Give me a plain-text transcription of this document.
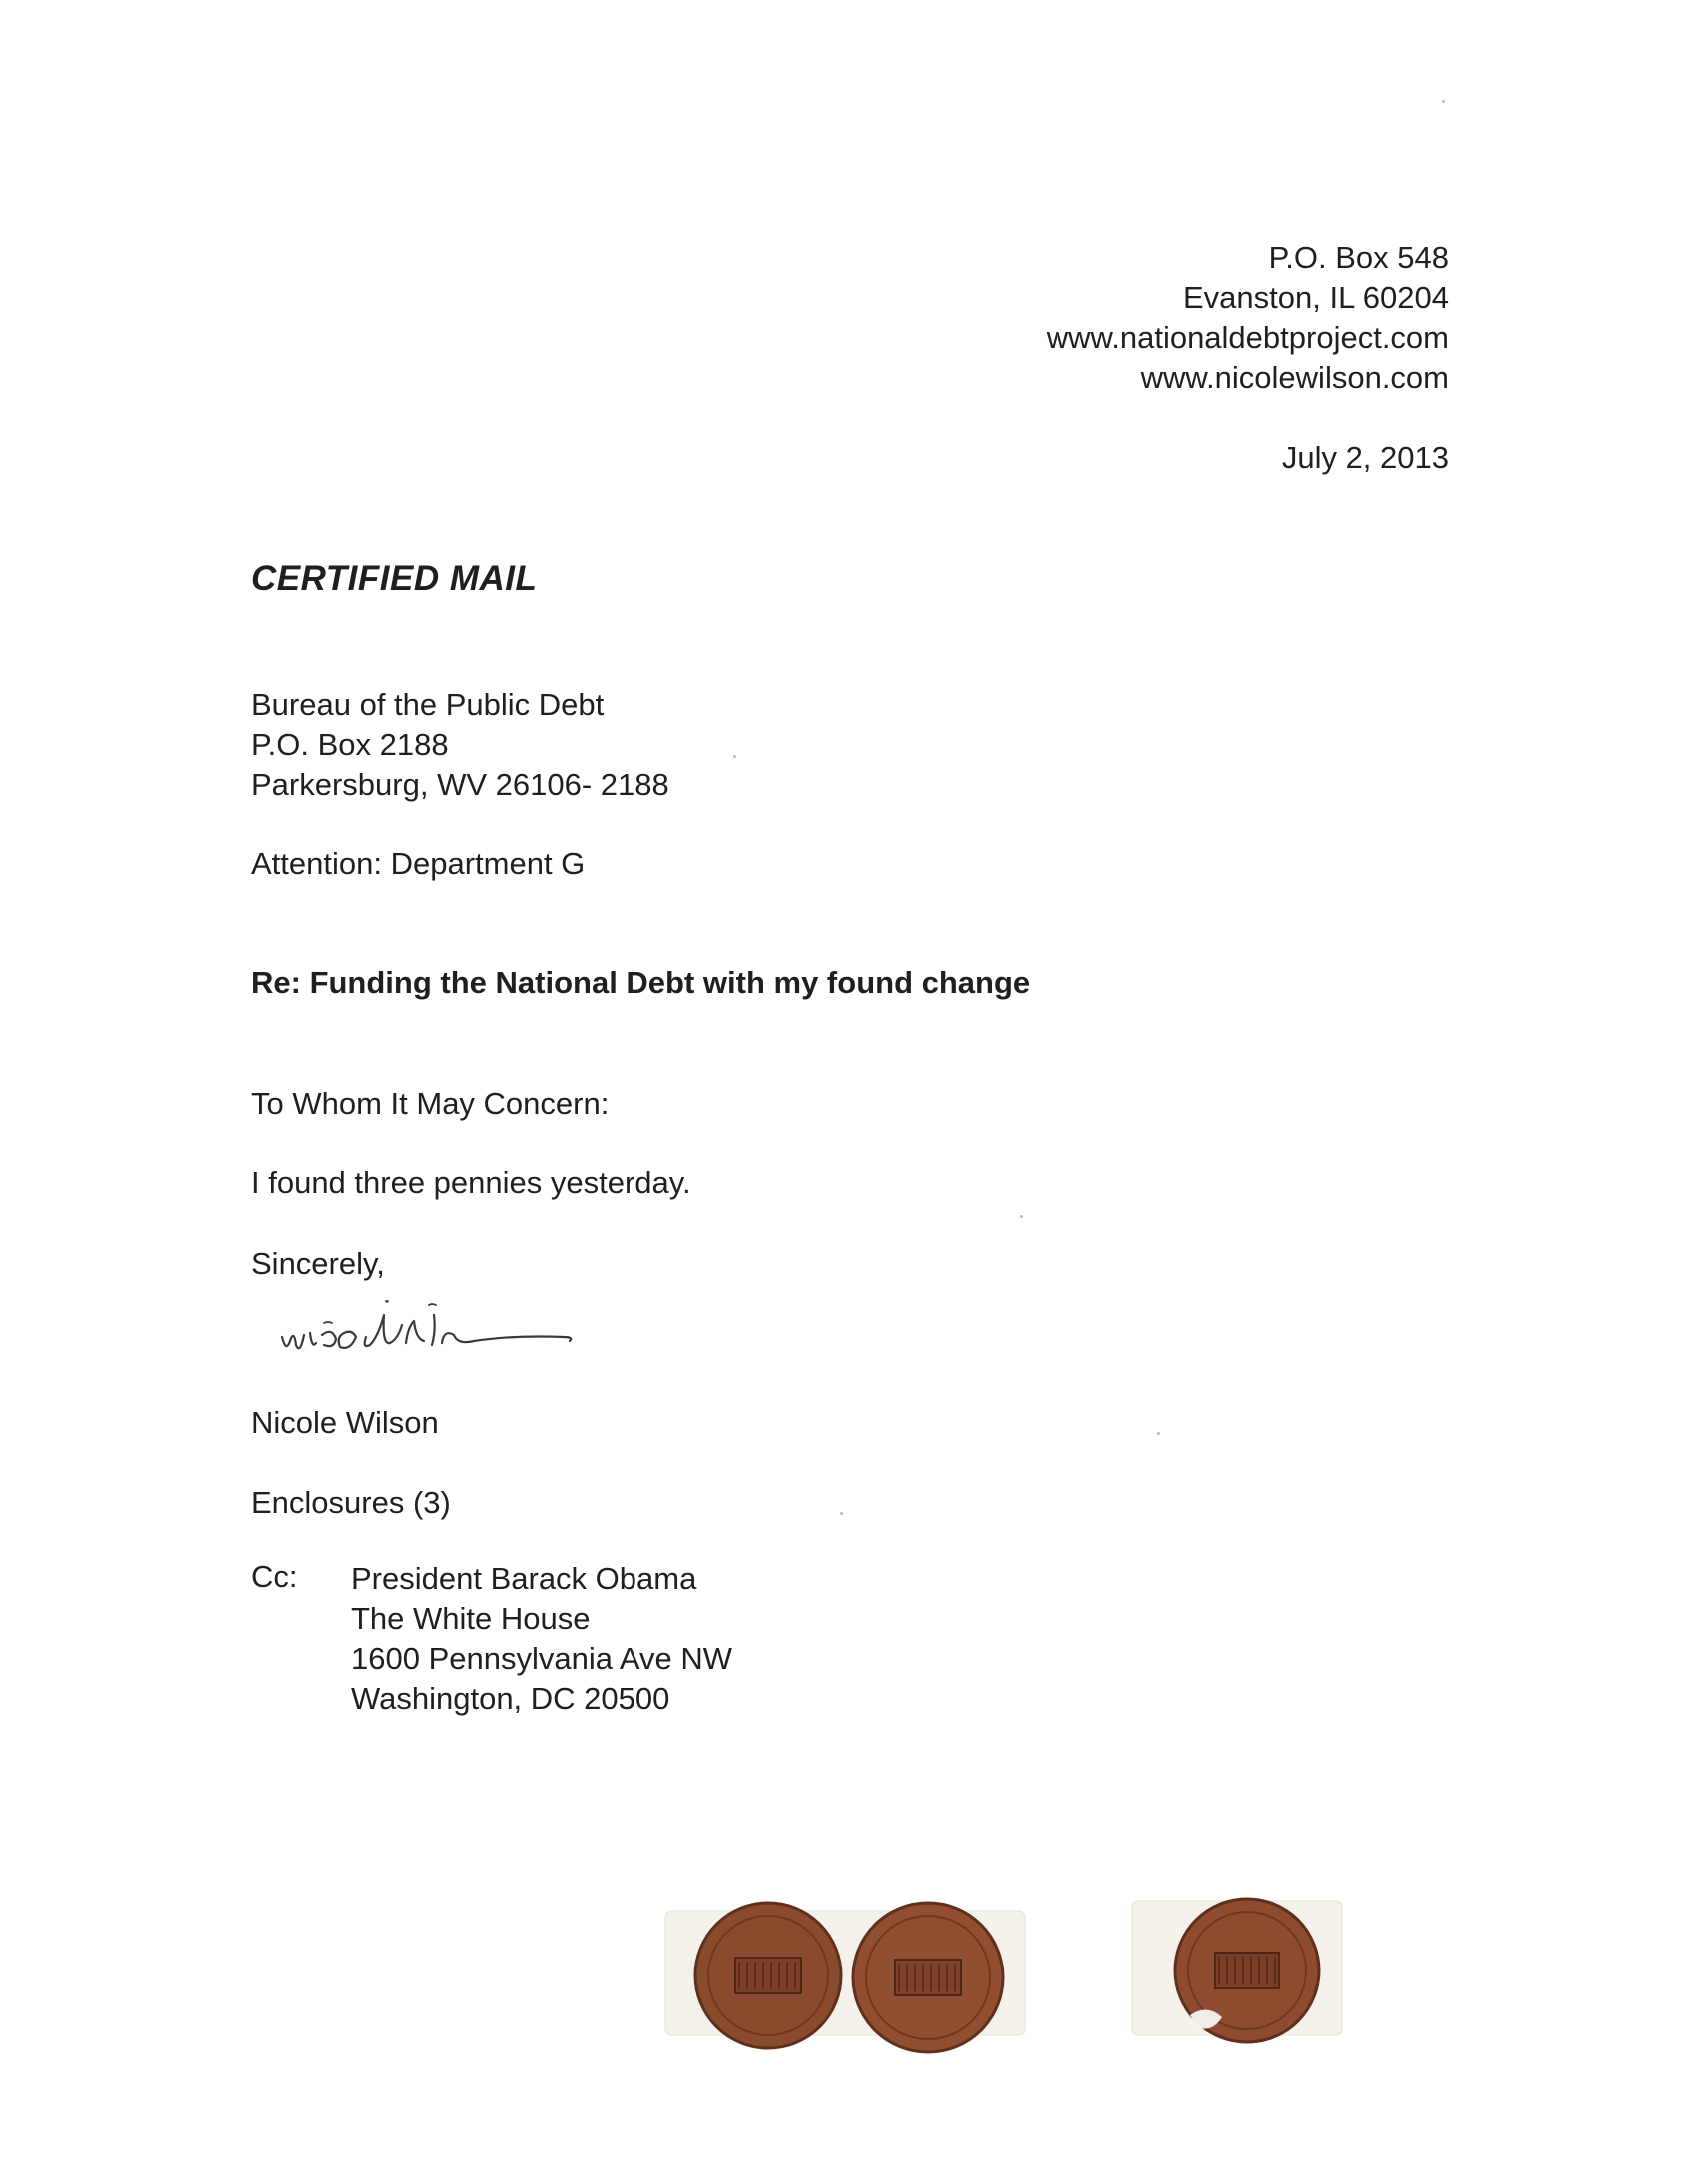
P.O. Box 548
Evanston, IL 60204
www.nationaldebtproject.com
www.nicolewilson.com
July 2, 2013
CERTIFIED MAIL
Bureau of the Public Debt
P.O. Box 2188
Parkersburg, WV 26106- 2188
Attention: Department G
Re: Funding the National Debt with my found change
To Whom It May Concern:
I found three pennies yesterday.
Sincerely,
Nicole Wilson
Enclosures (3)
Cc: President Barack Obama
The White House
1600 Pennsylvania Ave NW
Washington, DC 20500
